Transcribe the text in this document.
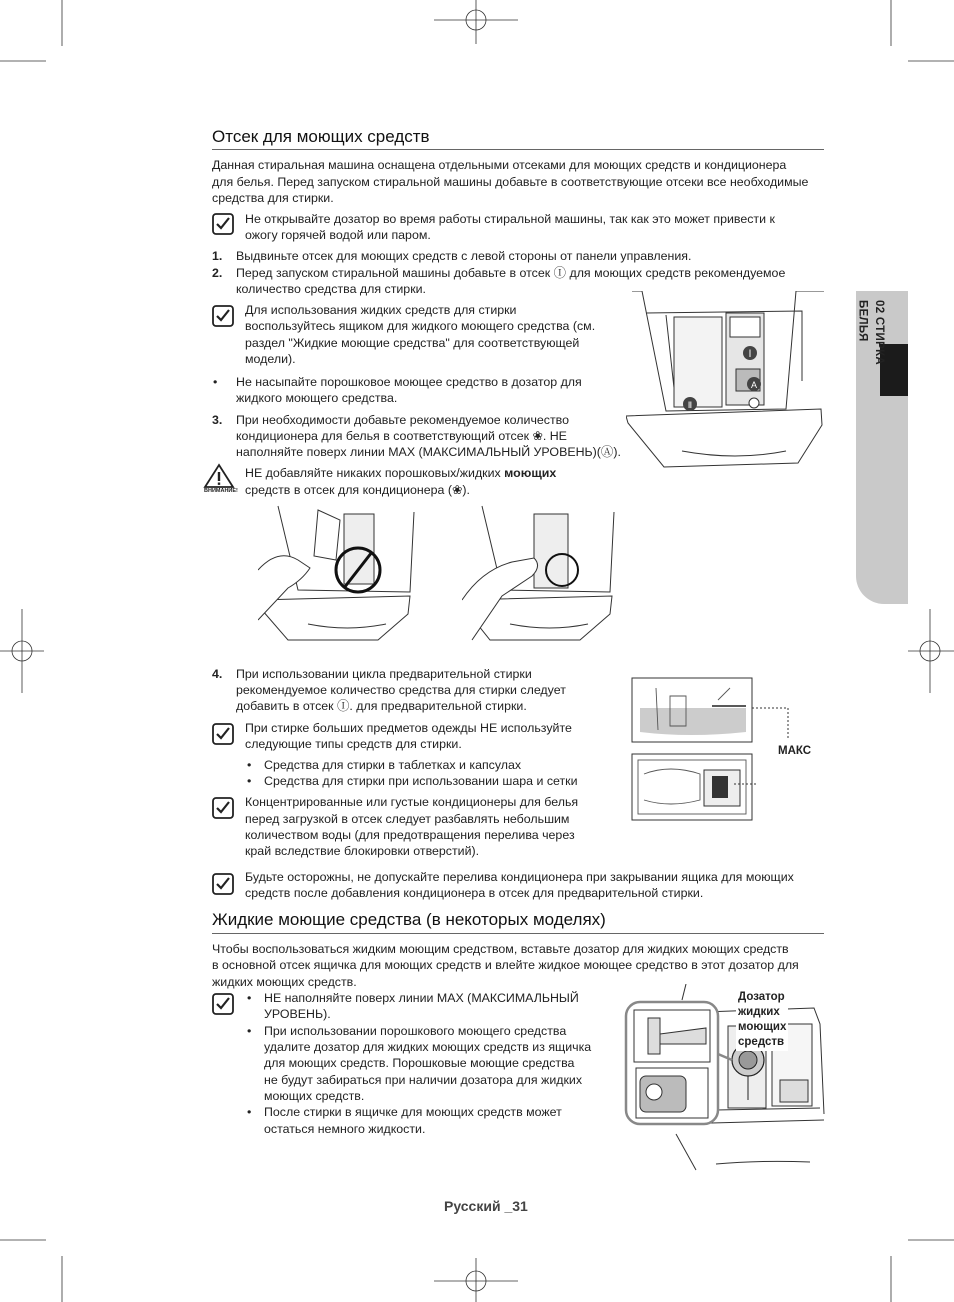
02 СТИРКА БЕЛЬЯ
Отсек для моющих средств
Данная стиральная машина оснащена отдельными отсеками для моющих средств и кондиционера
для белья. Перед запуском стиральной машины добавьте в соответствующие отсеки все необходимые
средства для стирки.
Не открывайте дозатор во время работы стиральной машины, так как это может привести к
ожогу горячей водой или паром.
1. Выдвиньте отсек для моющих средств с левой стороны от панели управления.
2. Перед запуском стиральной машины добавьте в отсек Ⓘ для моющих средств рекомендуемое
количество средства для стирки.
Для использования жидких средств для стирки
воспользуйтесь ящиком для жидкого моющего средства (см.
раздел "Жидкие моющие средства" для соответствующей
модели).
• Не насыпайте порошковое моющее средство в дозатор для
жидкого моющего средства.
3. При необходимости добавьте рекомендуемое количество
кондиционера для белья в соответствующий отсек ❀. НЕ
наполняйте поверх линии MAX (МАКСИМАЛЬНЫЙ УРОВЕНЬ)(Ⓐ).
ВНИМАНИЕ!
НЕ добавляйте никаких порошковых/жидких моющих
средств в отсек для кондиционера (❀).
Ⅰ
A
Ⅱ
4. При использовании цикла предварительной стирки
рекомендуемое количество средства для стирки следует
добавить в отсек Ⓘ. для предварительной стирки.
При стирке больших предметов одежды НЕ используйте
следующие типы средств для стирки.
• Средства для стирки в таблетках и капсулах
• Средства для стирки при использовании шара и сетки
Концентрированные или густые кондиционеры для белья
перед загрузкой в отсек следует разбавлять небольшим
количеством воды (для предотвращения перелива через
край вследствие блокировки отверстий).
МАКС
Будьте осторожны, не допускайте перелива кондиционера при закрывании ящика для моющих
средств после добавления кондиционера в отсек для предварительной стирки.
Жидкие моющие средства (в некоторых моделях)
Чтобы воспользоваться жидким моющим средством, вставьте дозатор для жидких моющих средств
в основной отсек ящичка для моющих средств и влейте жидкое моющее средство в этот дозатор для
жидких моющих средств.
• НЕ наполняйте поверх линии MAX (МАКСИМАЛЬНЫЙ
УРОВЕНЬ).
• При использовании порошкового моющего средства
удалите дозатор для жидких моющих средств из ящичка
для моющих средств. Порошковые моющие средства
не будут забираться при наличии дозатора для жидких
моющих средств.
• После стирки в ящичке для моющих средств может
остаться немного жидкости.
Дозатор
жидких
моющих
средств
Русский _31
